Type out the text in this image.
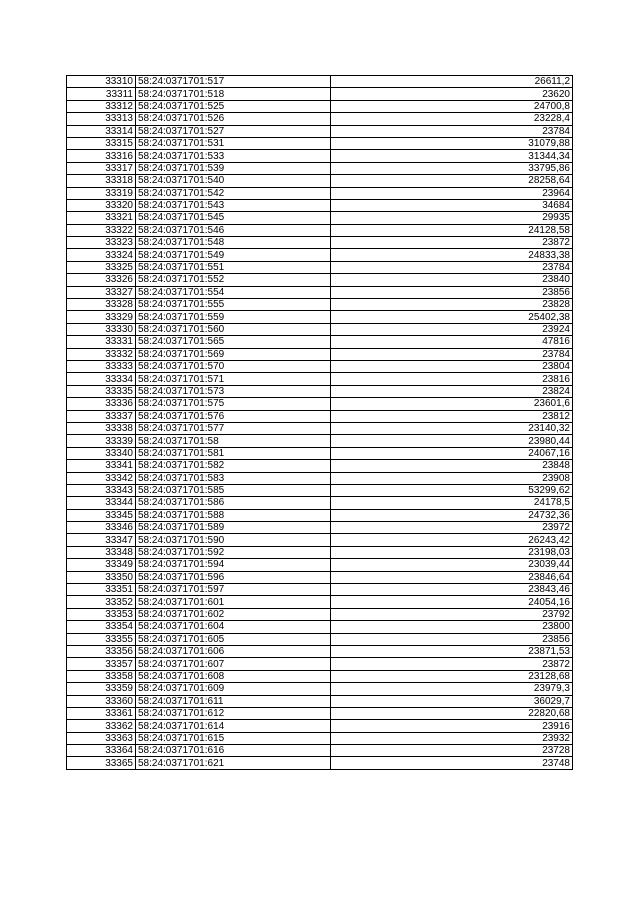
33310	58:24:0371701:517	26611,2
33311	58:24:0371701:518	23620
33312	58:24:0371701:525	24700,8
33313	58:24:0371701:526	23228,4
33314	58:24:0371701:527	23784
33315	58:24:0371701:531	31079,88
33316	58:24:0371701:533	31344,34
33317	58:24:0371701:539	33795,86
33318	58:24:0371701:540	28258,64
33319	58:24:0371701:542	23964
33320	58:24:0371701:543	34684
33321	58:24:0371701:545	29935
33322	58:24:0371701:546	24128,58
33323	58:24:0371701:548	23872
33324	58:24:0371701:549	24833,38
33325	58:24:0371701:551	23784
33326	58:24:0371701:552	23840
33327	58:24:0371701:554	23856
33328	58:24:0371701:555	23828
33329	58:24:0371701:559	25402,38
33330	58:24:0371701:560	23924
33331	58:24:0371701:565	47816
33332	58:24:0371701:569	23784
33333	58:24:0371701:570	23804
33334	58:24:0371701:571	23816
33335	58:24:0371701:573	23824
33336	58:24:0371701:575	23601,6
33337	58:24:0371701:576	23812
33338	58:24:0371701:577	23140,32
33339	58:24:0371701:58	23980,44
33340	58:24:0371701:581	24067,16
33341	58:24:0371701:582	23848
33342	58:24:0371701:583	23908
33343	58:24:0371701:585	53299,62
33344	58:24:0371701:586	24178,5
33345	58:24:0371701:588	24732,36
33346	58:24:0371701:589	23972
33347	58:24:0371701:590	26243,42
33348	58:24:0371701:592	23198,03
33349	58:24:0371701:594	23039,44
33350	58:24:0371701:596	23846,64
33351	58:24:0371701:597	23843,46
33352	58:24:0371701:601	24054,16
33353	58:24:0371701:602	23792
33354	58:24:0371701:604	23800
33355	58:24:0371701:605	23856
33356	58:24:0371701:606	23871,53
33357	58:24:0371701:607	23872
33358	58:24:0371701:608	23128,68
33359	58:24:0371701:609	23979,3
33360	58:24:0371701:611	36029,7
33361	58:24:0371701:612	22820,68
33362	58:24:0371701:614	23916
33363	58:24:0371701:615	23932
33364	58:24:0371701:616	23728
33365	58:24:0371701:621	23748
